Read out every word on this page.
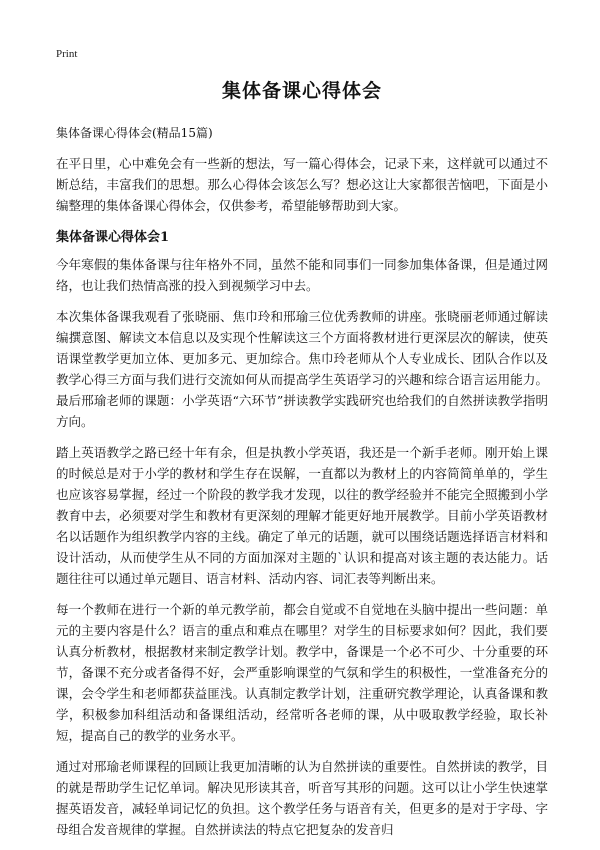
Print
集体备课心得体会
集体备课心得体会(精品15篇)

在平日里，心中难免会有一些新的想法，写一篇心得体会，记录下来，这样就可以通过不断总结，丰富我们的思想。那么心得体会该怎么写？想必这让大家都很苦恼吧，下面是小编整理的集体备课心得体会，仅供参考，希望能够帮助到大家。

集体备课心得体会1

今年寒假的集体备课与往年格外不同，虽然不能和同事们一同参加集体备课，但是通过网络，也让我们热情高涨的投入到视频学习中去。

本次集体备课我观看了张晓丽、焦巾玲和邢瑜三位优秀教师的讲座。张晓丽老师通过解读编撰意图、解读文本信息以及实现个性解读这三个方面将教材进行更深层次的解读，使英语课堂教学更加立体、更加多元、更加综合。焦巾玲老师从个人专业成长、团队合作以及教学心得三方面与我们进行交流如何从而提高学生英语学习的兴趣和综合语言运用能力。最后邢瑜老师的课题：小学英语“六环节”拼读教学实践研究也给我们的自然拼读教学指明方向。

踏上英语教学之路已经十年有余，但是执教小学英语，我还是一个新手老师。刚开始上课的时候总是对于小学的教材和学生存在误解，一直都以为教材上的内容简简单单的，学生也应该容易掌握，经过一个阶段的教学我才发现，以往的教学经验并不能完全照搬到小学教育中去，必须要对学生和教材有更深刻的理解才能更好地开展教学。目前小学英语教材名以话题作为组织教学内容的主线。确定了单元的话题，就可以围绕话题选择语言材料和设计活动，从而使学生从不同的方面加深对主题的`认识和提高对该主题的表达能力。话题往往可以通过单元题目、语言材料、活动内容、词汇表等判断出来。

每一个教师在进行一个新的单元教学前，都会自觉或不自觉地在头脑中提出一些问题：单元的主要内容是什么？语言的重点和难点在哪里？对学生的目标要求如何？因此，我们要认真分析教材，根据教材来制定教学计划。教学中，备课是一个必不可少、十分重要的环节，备课不充分或者备得不好，会严重影响课堂的气氛和学生的积极性，一堂准备充分的课，会令学生和老师都获益匪浅。认真制定教学计划，注重研究教学理论，认真备课和教学，积极参加科组活动和备课组活动，经常听各老师的课，从中吸取教学经验，取长补短，提高自己的教学的业务水平。

通过对邢瑜老师课程的回顾让我更加清晰的认为自然拼读的重要性。自然拼读的教学，目的就是帮助学生记忆单词。解决见形读其音，听音写其形的问题。这可以让小学生快速掌握英语发音，减轻单词记忆的负担。这个教学任务与语音有关，但更多的是对于字母、字母组合发音规律的掌握。自然拼读法的特点它把复杂的发音归
